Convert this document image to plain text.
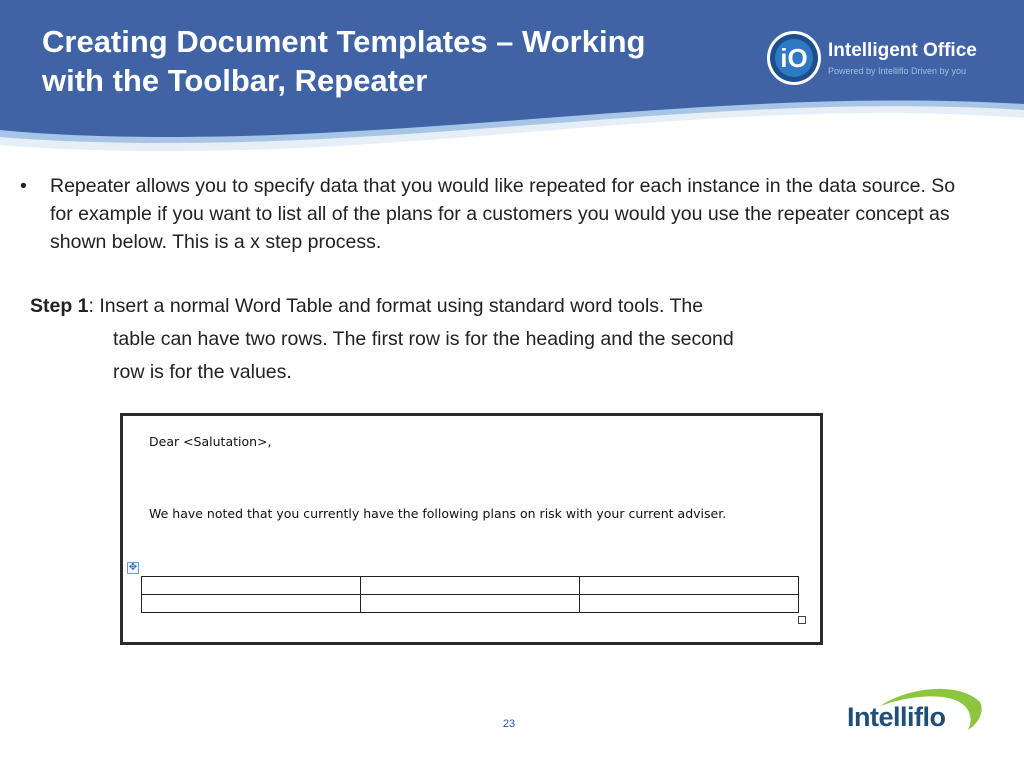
Creating Document Templates – Working
with the Toolbar, Repeater
iO Intelligent Office
Powered by Intelliflo Driven by you
• Repeater allows you to specify data that you would like repeated for each instance in the data source. So for example if you want to list all of the plans for a customers you would you use the repeater concept as shown below. This is a x step process.
Step 1: Insert a normal Word Table and format using standard word tools. The
table can have two rows. The first row is for the heading and the second
row is for the values.
Dear <Salutation>,
We have noted that you currently have the following plans on risk with your current adviser.
✥

23	Intelliflo
